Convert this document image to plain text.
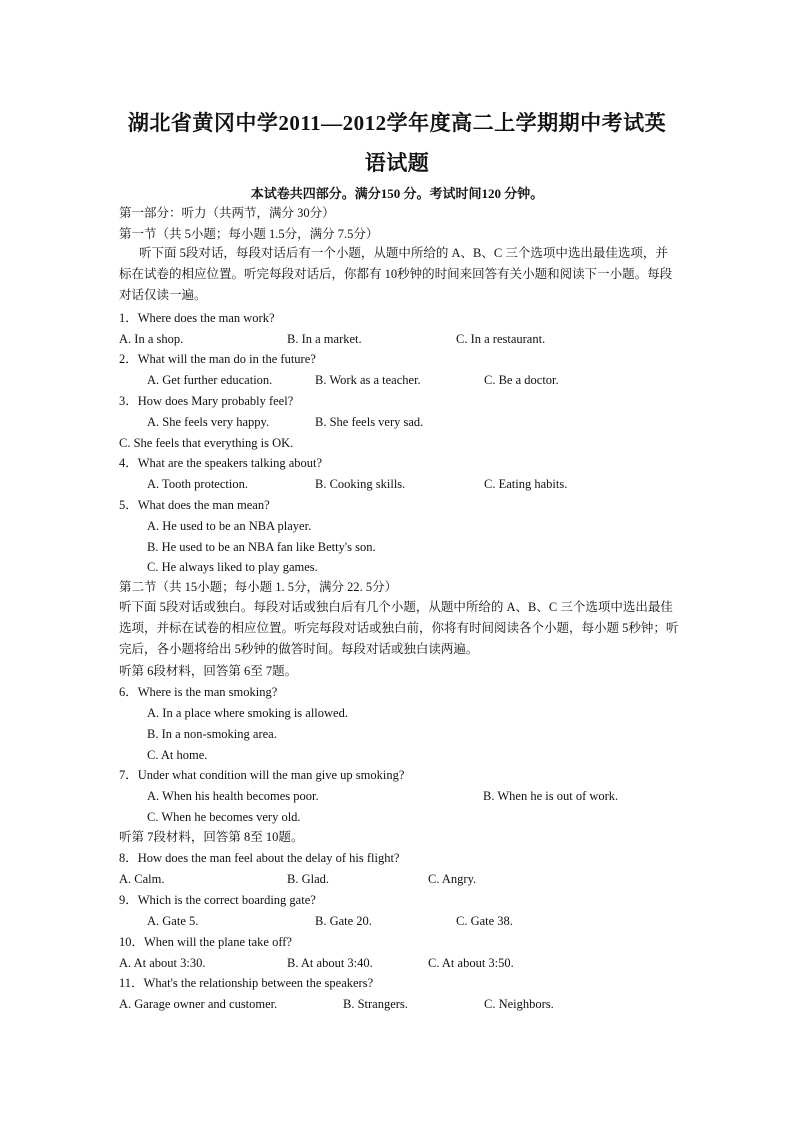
湖北省黄冈中学2011—2012学年度高二上学期期中考试英
语试题
本试卷共四部分。满分150 分。考试时间120 分钟。
第一部分：听力（共两节，满分 30分）
第一节（共 5小题；每小题 1.5分，满分 7.5分）
听下面 5段对话，每段对话后有一个小题，从题中所给的 A、B、C 三个选项中选出最佳选项，并标在试卷的相应位置。听完每段对话后，你都有 10秒钟的时间来回答有关小题和阅读下一小题。每段对话仅读一遍。
1．Where does the man work?
A. In a shop.	B. In a market.	C. In a restaurant.
2．What will the man do in the future?
A. Get further education.	B. Work as a teacher.	C. Be a doctor.
3．How does Mary probably feel?
A. She feels very happy.	B. She feels very sad.
C. She feels that everything is OK.
4．What are the speakers talking about?
A. Tooth protection.	B. Cooking skills.	C. Eating habits.
5．What does the man mean?
A. He used to be an NBA player.
B. He used to be an NBA fan like Betty's son.
C. He always liked to play games.
第二节（共 15小题；每小题 1. 5分，满分 22. 5分）
听下面 5段对话或独白。每段对话或独白后有几个小题，从题中所给的 A、B、C 三个选项中选出最佳选项，并标在试卷的相应位置。听完每段对话或独白前，你将有时间阅读各个小题，每小题 5秒钟；听完后，各小题将给出 5秒钟的做答时间。每段对话或独白读两遍。
听第 6段材料，回答第 6至 7题。
6．Where is the man smoking?
A. In a place where smoking is allowed.
B. In a non-smoking area.
C. At home.
7．Under what condition will the man give up smoking?
A. When his health becomes poor.	B. When he is out of work.
C. When he becomes very old.
听第 7段材料，回答第 8至 10题。
8．How does the man feel about the delay of his flight?
A. Calm.	B. Glad.	C. Angry.
9．Which is the correct boarding gate?
A. Gate 5.	B. Gate 20.	C. Gate 38.
10．When will the plane take off?
A. At about 3:30.	B. At about 3:40.	C. At about 3:50.
11．What's the relationship between the speakers?
A. Garage owner and customer.	B. Strangers.	C. Neighbors.
